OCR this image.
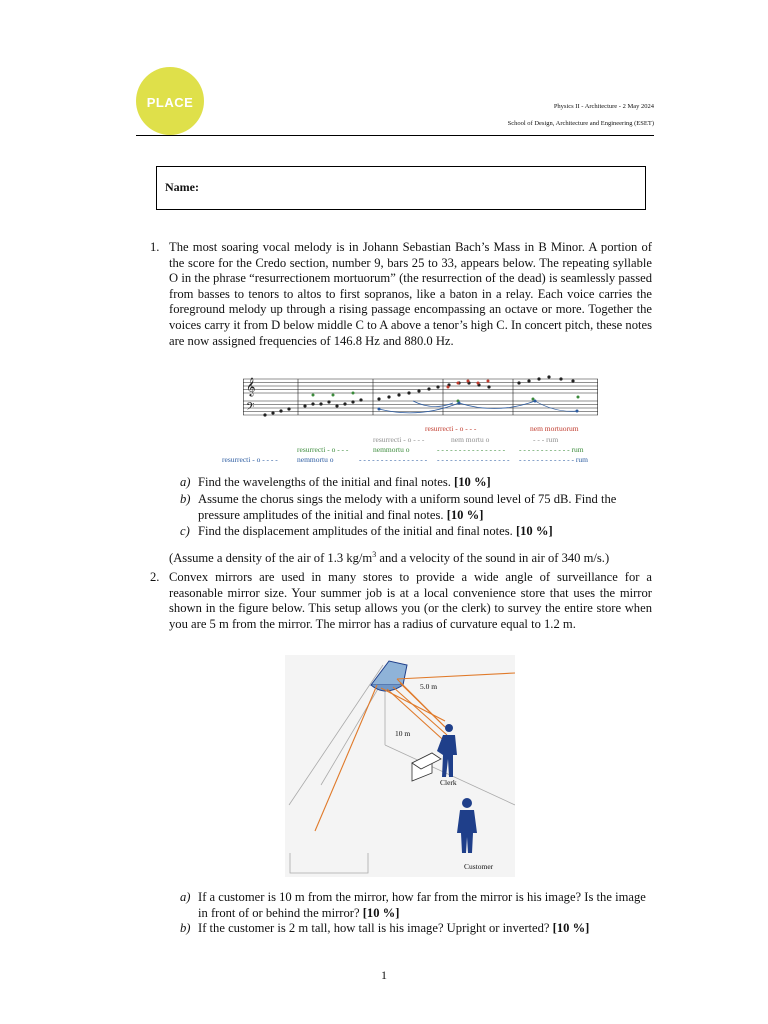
PLACE	Physics II - Architecture - 2 May 2024
School of Design, Architecture and Engineering (ESET)
Name:
1. The most soaring vocal melody is in Johann Sebastian Bach’s Mass in B Minor. A portion of the score for the Credo section, number 9, bars 25 to 33, appears below. The repeating syllable O in the phrase “resurrectionem mortuorum” (the resurrection of the dead) is seamlessly passed from basses to tenors to altos to first sopranos, like a baton in a relay. Each voice carries the foreground melody up through a rising passage encompassing an octave or more. Together the voices carry it from D below middle C to A above a tenor’s high C. In concert pitch, these notes are now assigned frequencies of 146.8 Hz and 880.0 Hz.
𝄞
𝄢
resurrecti - o - - -	nem mortuorum
resurrecti - o - - -	nem mortu o	- - - rum
resurrecti - o - - -	nemmortu o	- - - - - - - - - - - - - - - - - - - - - - - - - - - - rum
resurrecti - o - - - -	nemmortu o	- - - - - - - - - - - - - - - - - - - - - - - - - - - - - - - - - - - - - - - - - - - - - - rum
a) Find the wavelengths of the initial and final notes. [10 %]
b) Assume the chorus sings the melody with a uniform sound level of 75 dB. Find the pressure amplitudes of the initial and final notes. [10 %]
c) Find the displacement amplitudes of the initial and final notes. [10 %]
(Assume a density of the air of 1.3 $kg/m^3$ and a velocity of the sound in air of 340 m/s.)
2. Convex mirrors are used in many stores to provide a wide angle of surveillance for a reasonable mirror size. Your summer job is at a local convenience store that uses the mirror shown in the figure below. This setup allows you (or the clerk) to survey the entire store when you are 5 m from the mirror. The mirror has a radius of curvature equal to 1.2 m.
5.0 m
10 m
Clerk
Customer
a) If a customer is 10 m from the mirror, how far from the mirror is his image? Is the image in front of or behind the mirror? [10 %]
b) If the customer is 2 m tall, how tall is his image? Upright or inverted? [10 %]
1
